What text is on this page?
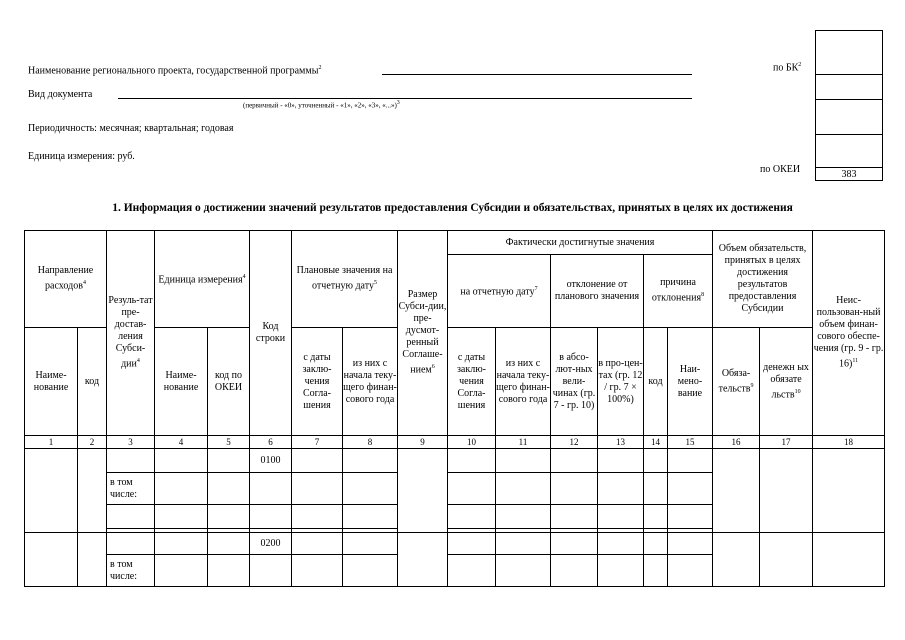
Наименование регионального проекта, государственной программы$^2$	по $БК^2$
Вид документа
(первичный - «0», уточненный - «1», «2», «3», «...»)$^3$
Периодичность: месячная; квартальная; годовая
Единица измерения: руб.
по ОКЕИ	383
1. Информация о достижении значений результатов предоставления Субсидии и обязательствах, принятых в целях их достижения
Направление расходов$^4$		Резуль-тат пре-достав-ления Субси-дии$^4$	Единица измерения$^4$		Код строки	Плановые значения на отчетную дату$^5$		Размер Субси-дии, пре-дусмот-ренный Соглаше-нием$^6$	Фактически достигнутые значения						Объем обязательств, принятых в целях достижения результатов предоставления Субсидии		Неис-пользован-ный объем финан-сового обеспе-чения (гр. 9 - гр. 16)$^{11}$
									на отчетную дату$^7$		отклонение от планового значения		причина отклонения$^8$
Наиме-нование	код		Наиме-нование	код по ОКЕИ		с даты заклю-чения Согла-шения	из них с начала теку-щего финан-сового года		с даты заклю-чения Согла-шения	из них с начала теку-щего финан-сового года	в абсо-лют-ных вели-чинах (гр. 7 - гр. 10)	в про-цен-тах (гр. 12 / гр. 7 × 100%)	код	Наи-мено-вание	Обяза-тельств$^9$	денежн ых обязате льств$^{10}$
1	2	3	4	5	6	7	8	9	10	11	12	13	14	15	16	17	18
					0100												
		в том числе:															

					0200												
		в том числе:															
